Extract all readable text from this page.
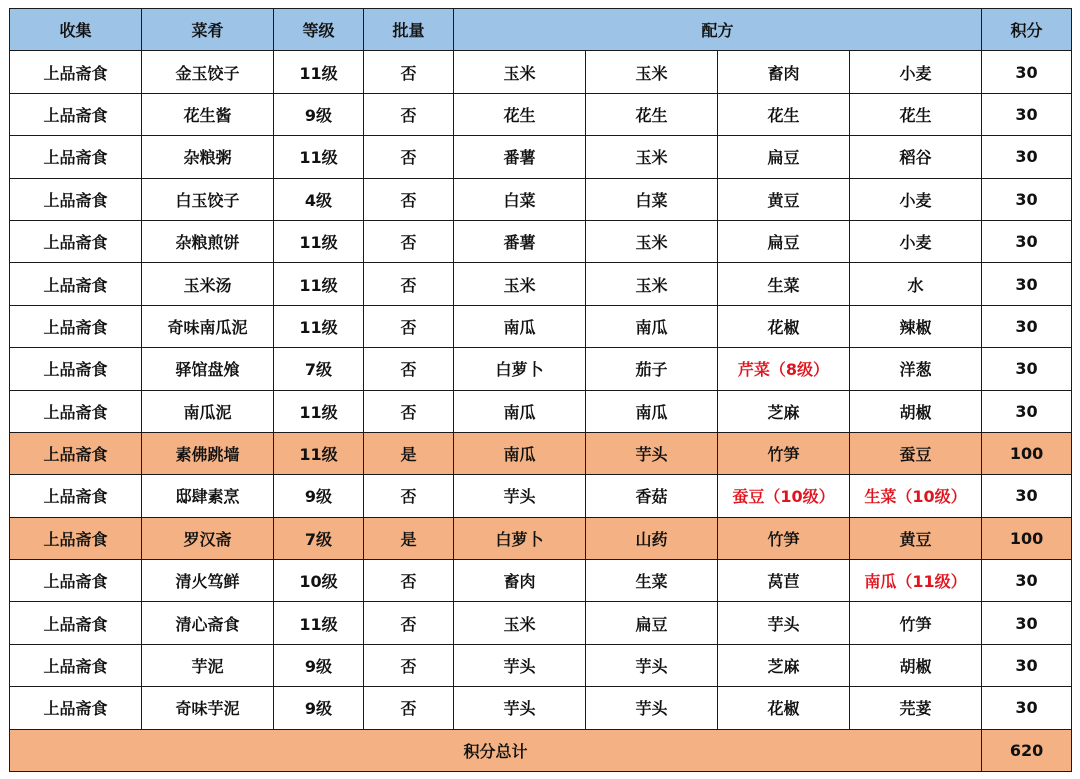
收集	菜肴	等级	批量	配方				积分
上品斋食	金玉饺子	11级	否	玉米	玉米	畜肉	小麦	30
上品斋食	花生酱	9级	否	花生	花生	花生	花生	30
上品斋食	杂粮粥	11级	否	番薯	玉米	扁豆	稻谷	30
上品斋食	白玉饺子	4级	否	白菜	白菜	黄豆	小麦	30
上品斋食	杂粮煎饼	11级	否	番薯	玉米	扁豆	小麦	30
上品斋食	玉米汤	11级	否	玉米	玉米	生菜	水	30
上品斋食	奇味南瓜泥	11级	否	南瓜	南瓜	花椒	辣椒	30
上品斋食	驿馆盘飧	7级	否	白萝卜	茄子	芹菜（8级）	洋葱	30
上品斋食	南瓜泥	11级	否	南瓜	南瓜	芝麻	胡椒	30
上品斋食	素佛跳墙	11级	是	南瓜	芋头	竹笋	蚕豆	100
上品斋食	邸肆素烹	9级	否	芋头	香菇	蚕豆（10级）	生菜（10级）	30
上品斋食	罗汉斋	7级	是	白萝卜	山药	竹笋	黄豆	100
上品斋食	清火笃鲜	10级	否	畜肉	生菜	莴苣	南瓜（11级）	30
上品斋食	清心斋食	11级	否	玉米	扁豆	芋头	竹笋	30
上品斋食	芋泥	9级	否	芋头	芋头	芝麻	胡椒	30
上品斋食	奇味芋泥	9级	否	芋头	芋头	花椒	芫荽	30
积分总计								620
